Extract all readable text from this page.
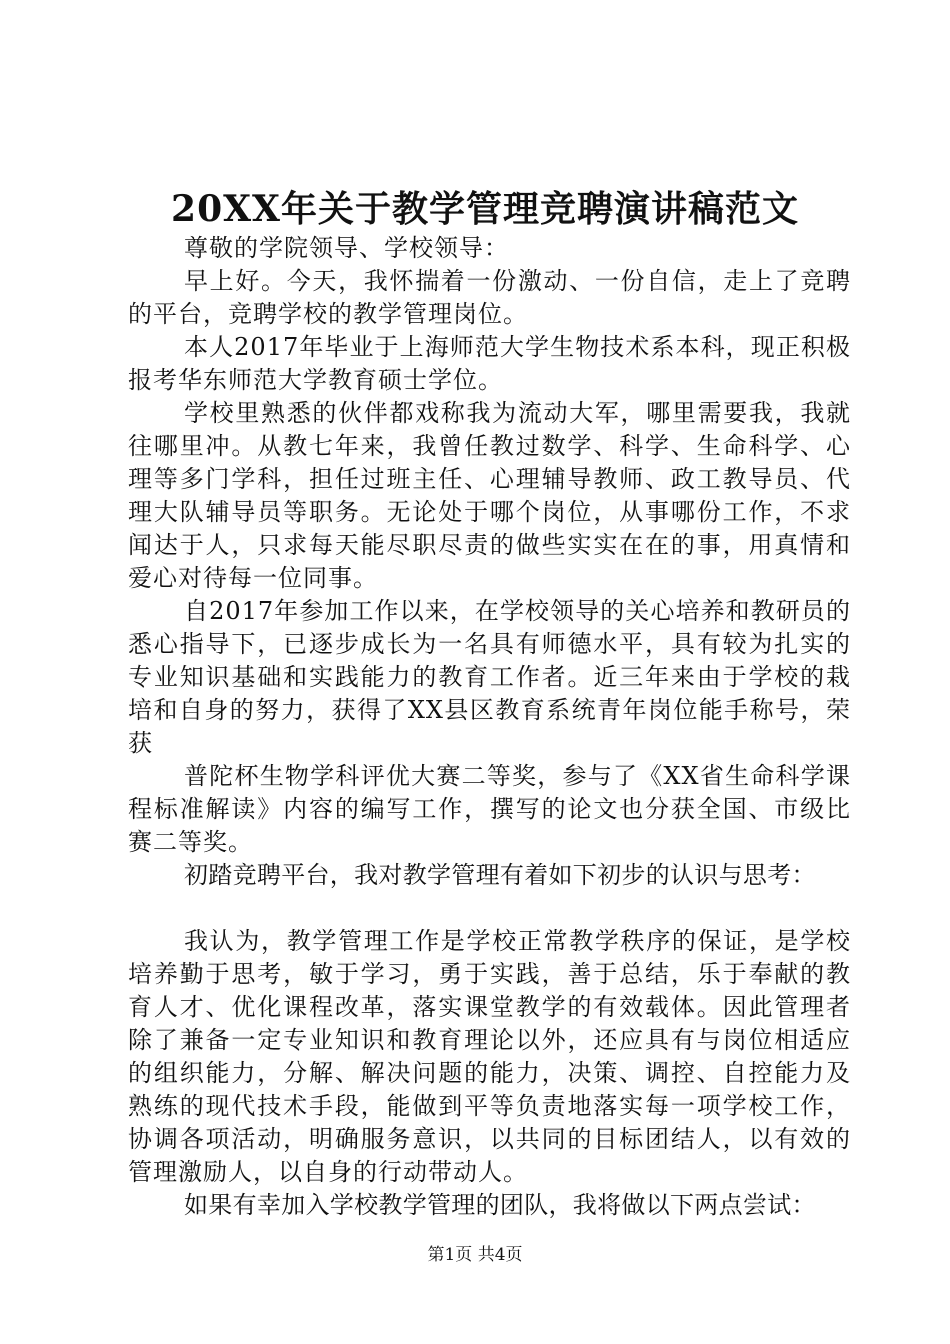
20XX年关于教学管理竞聘演讲稿范文

尊敬的学院领导、学校领导：

早上好。今天，我怀揣着一份激动、一份自信，走上了竞聘的平台，竞聘学校的教学管理岗位。

本人2017年毕业于上海师范大学生物技术系本科，现正积极报考华东师范大学教育硕士学位。

学校里熟悉的伙伴都戏称我为流动大军，哪里需要我，我就往哪里冲。从教七年来，我曾任教过数学、科学、生命科学、心理等多门学科，担任过班主任、心理辅导教师、政工教导员、代理大队辅导员等职务。无论处于哪个岗位，从事哪份工作，不求闻达于人，只求每天能尽职尽责的做些实实在在的事，用真情和爱心对待每一位同事。

自2017年参加工作以来，在学校领导的关心培养和教研员的悉心指导下，已逐步成长为一名具有师德水平，具有较为扎实的专业知识基础和实践能力的教育工作者。近三年来由于学校的栽培和自身的努力，获得了XX县区教育系统青年岗位能手称号，荣获

普陀杯生物学科评优大赛二等奖，参与了《XX省生命科学课程标准解读》内容的编写工作，撰写的论文也分获全国、市级比赛二等奖。

初踏竞聘平台，我对教学管理有着如下初步的认识与思考：

我认为，教学管理工作是学校正常教学秩序的保证，是学校培养勤于思考，敏于学习，勇于实践，善于总结，乐于奉献的教育人才、优化课程改革，落实课堂教学的有效载体。因此管理者除了兼备一定专业知识和教育理论以外，还应具有与岗位相适应的组织能力，分解、解决问题的能力，决策、调控、自控能力及熟练的现代技术手段，能做到平等负责地落实每一项学校工作，协调各项活动，明确服务意识，以共同的目标团结人，以有效的管理激励人，以自身的行动带动人。

如果有幸加入学校教学管理的团队，我将做以下两点尝试：

第1页 共4页
